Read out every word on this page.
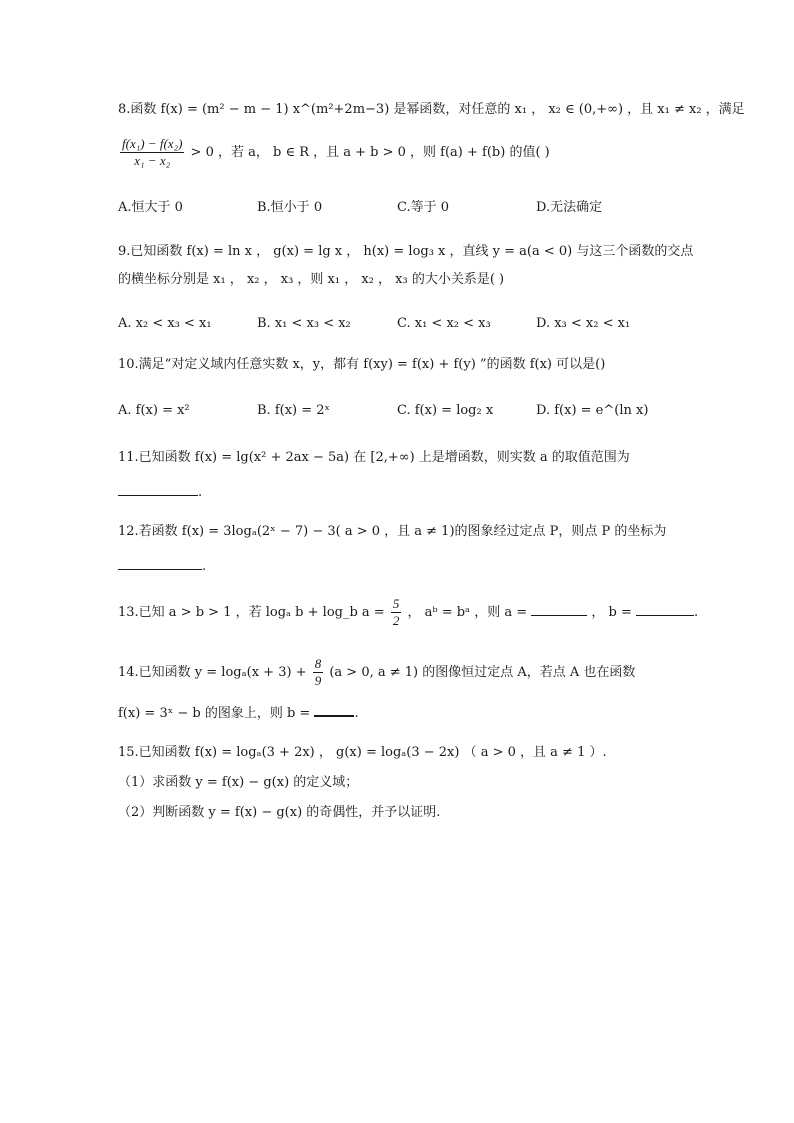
8.函数 f(x) = (m² − m − 1) x^(m²+2m−3) 是幂函数，对任意的 x₁ ， x₂ ∈ (0,+∞) ，且 x₁ ≠ x₂ ，满足
$\frac{\text{f(x₁) − f(x₂)}}{\text{x₁ − x₂}} > 0$ ，若 a， b ∈ R ，且 a + b > 0 ，则 f(a) + f(b) 的值( )
A.恒大于 0	B.恒小于 0	C.等于 0	D.无法确定
9.已知函数 f(x) = ln x ， g(x) = lg x ， h(x) = log₃ x ，直线 y = a(a < 0) 与这三个函数的交点
的横坐标分别是 x₁ ， x₂ ， x₃ ，则 x₁ ， x₂ ， x₃ 的大小关系是( )
A. x₂ < x₃ < x₁	B. x₁ < x₃ < x₂	C. x₁ < x₂ < x₃	D. x₃ < x₂ < x₁
10.满足“对定义域内任意实数 x，y，都有 f(xy) = f(x) + f(y) ”的函数 f(x) 可以是()
A. f(x) = x²	B. f(x) = 2ˣ	C. f(x) = log₂ x	D. f(x) = e^(ln x)
11.已知函数 f(x) = lg(x² + 2ax − 5a) 在 [2,+∞) 上是增函数，则实数 a 的取值范围为
.
12.若函数 f(x) = 3logₐ(2ˣ − 7) − 3( a > 0 ，且 a ≠ 1)的图象经过定点 P，则点 P 的坐标为
.
13.已知 a > b > 1 ，若 logₐ b + log_b $a = \frac{5}{2}$ ， aᵇ = bᵃ ，则 a =	， b =	.
14.已知函数 $y = \log_a(x + 3) + \frac{8}{9} (a > 0$, a ≠ 1) 的图像恒过定点 A，若点 A 也在函数
f(x) = 3ˣ − b 的图象上，则 b =	.
15.已知函数 f(x) = logₐ(3 + 2x) ， g(x) = logₐ(3 − 2x) （ a > 0 ，且 a ≠ 1 ）.
（1）求函数 y = f(x) − g(x) 的定义域；
（2）判断函数 y = f(x) − g(x) 的奇偶性，并予以证明.
